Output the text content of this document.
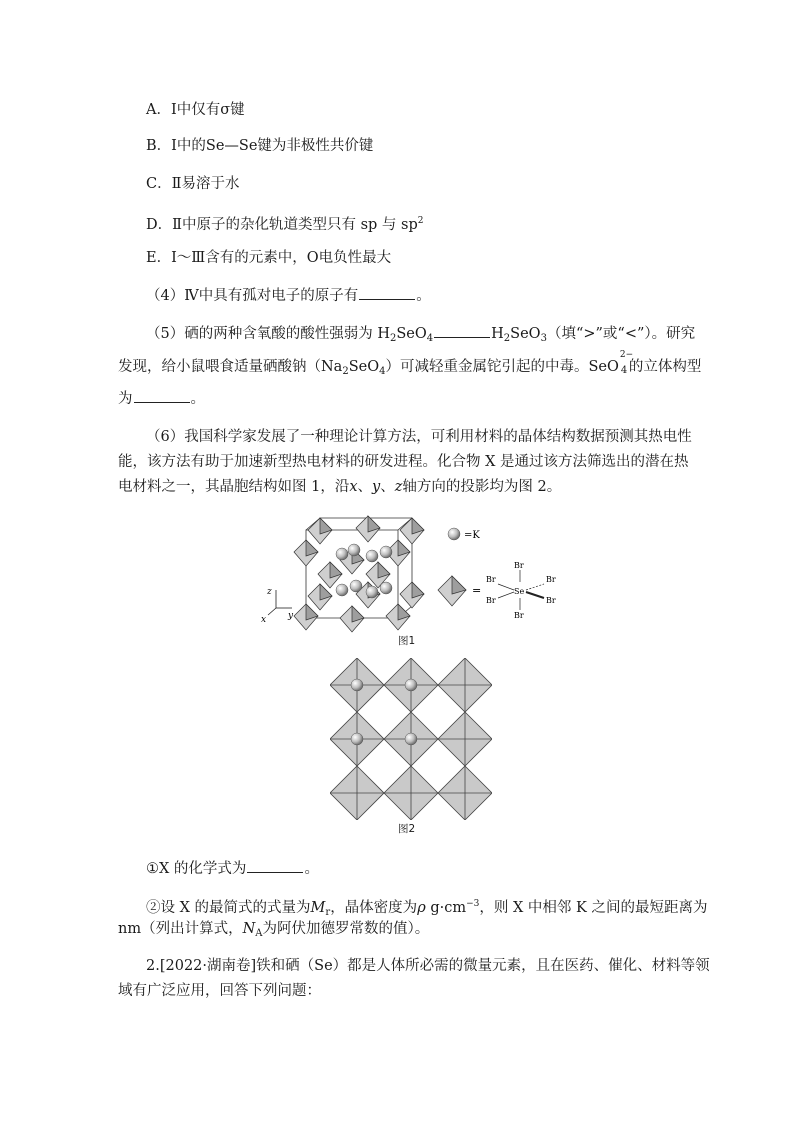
A．Ⅰ中仅有σ键
B．Ⅰ中的Se—Se键为非极性共价键
C．Ⅱ易溶于水
D．Ⅱ中原子的杂化轨道类型只有 sp 与 $sp^2$
E．Ⅰ～Ⅲ含有的元素中，O电负性最大
（4）Ⅳ中具有孤对电子的原子有	。
（5）硒的两种含氧酸的酸性强弱为 $H_2SeO_4$	$H_2SeO_3$（填“>”或“<”）。研究
发现，给小鼠喂食适量硒酸钠$(Na_2SeO_4)$可减轻重金属铊引起的中毒。SeO
2−
4 的立体构型
为	。
（6）我国科学家发展了一种理论计算方法，可利用材料的晶体结构数据预测其热电性
能，该方法有助于加速新型热电材料的研发进程。化合物 X 是通过该方法筛选出的潜在热
电材料之一，其晶胞结构如图 1，沿x、y、z轴方向的投影均为图 2。
z
x y
=K
=	Se
Br
Br
Br
Br
Br
Br
图1
图2
①X 的化学式为	。
②设 X 的最简式的式量为$M_r$，晶体密度为ρ $g\cdot cm^{-3}$，则 X 中相邻 K 之间的最短距离为
nm（列出计算式，$N_A$为阿伏加德罗常数的值）。
2.[2022·湖南卷]铁和硒（Se）都是人体所必需的微量元素，且在医药、催化、材料等领
域有广泛应用，回答下列问题：
